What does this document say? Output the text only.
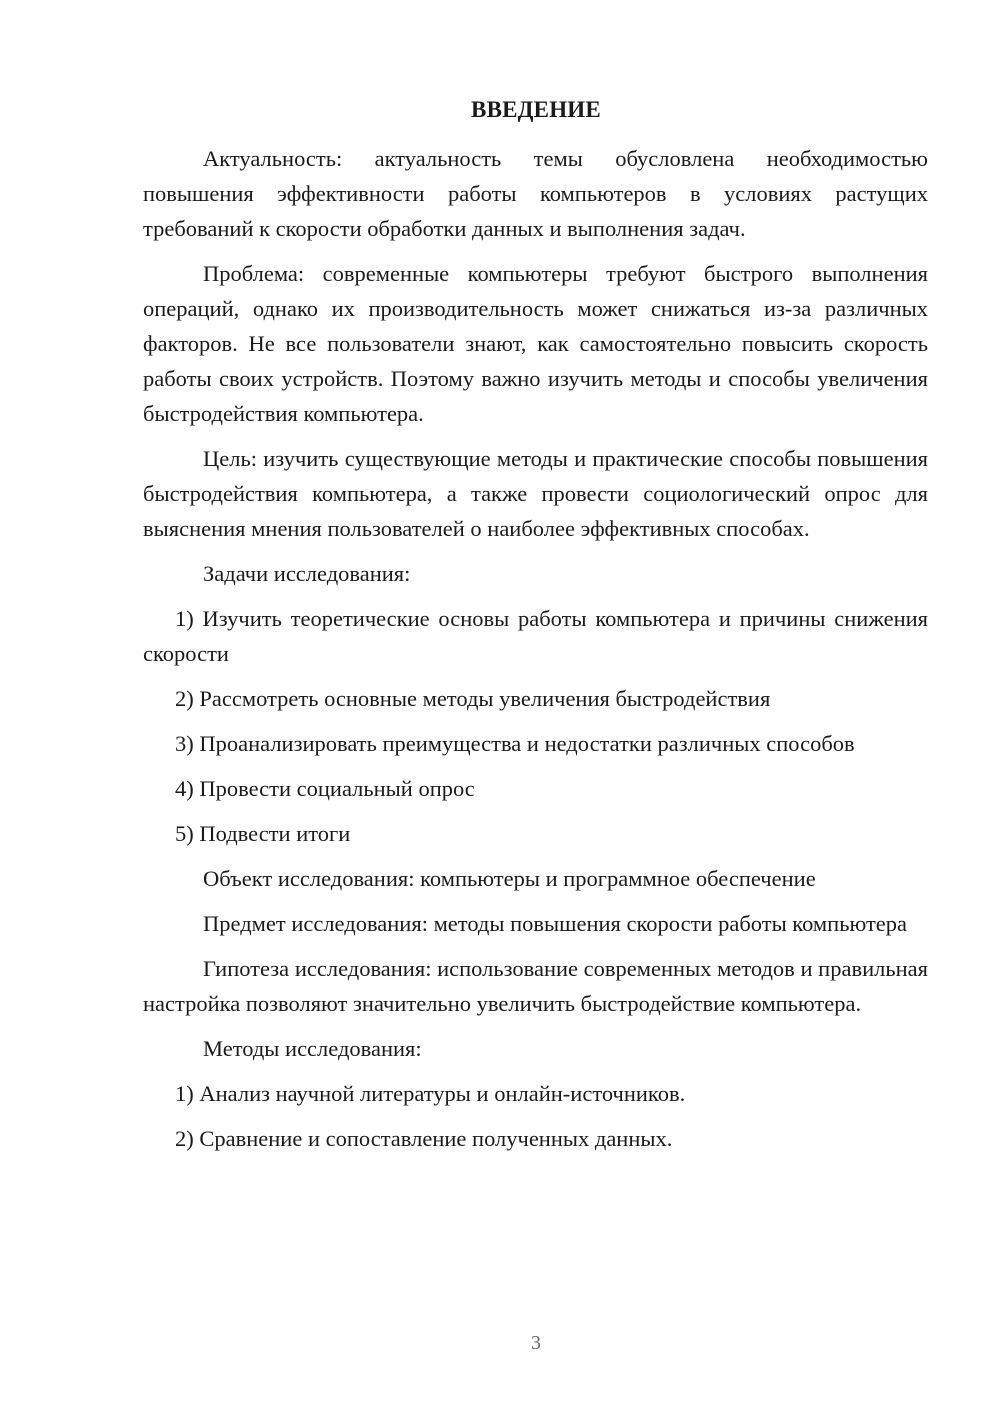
ВВЕДЕНИЕ

Актуальность: актуальность темы обусловлена необходимостью повышения эффективности работы компьютеров в условиях растущих требований к скорости обработки данных и выполнения задач.

Проблема: современные компьютеры требуют быстрого выполнения операций, однако их производительность может снижаться из-за различных факторов. Не все пользователи знают, как самостоятельно повысить скорость работы своих устройств. Поэтому важно изучить методы и способы увеличения быстродействия компьютера.

Цель: изучить существующие методы и практические способы повышения быстродействия компьютера, а также провести социологический опрос для выяснения мнения пользователей о наиболее эффективных способах.

Задачи исследования:

1) Изучить теоретические основы работы компьютера и причины снижения скорости

2) Рассмотреть основные методы увеличения быстродействия

3) Проанализировать преимущества и недостатки различных способов

4) Провести социальный опрос

5) Подвести итоги

Объект исследования: компьютеры и программное обеспечение

Предмет исследования: методы повышения скорости работы компьютера

Гипотеза исследования: использование современных методов и правильная настройка позволяют значительно увеличить быстродействие компьютера.

Методы исследования:

1) Анализ научной литературы и онлайн-источников.

2) Сравнение и сопоставление полученных данных.

3
